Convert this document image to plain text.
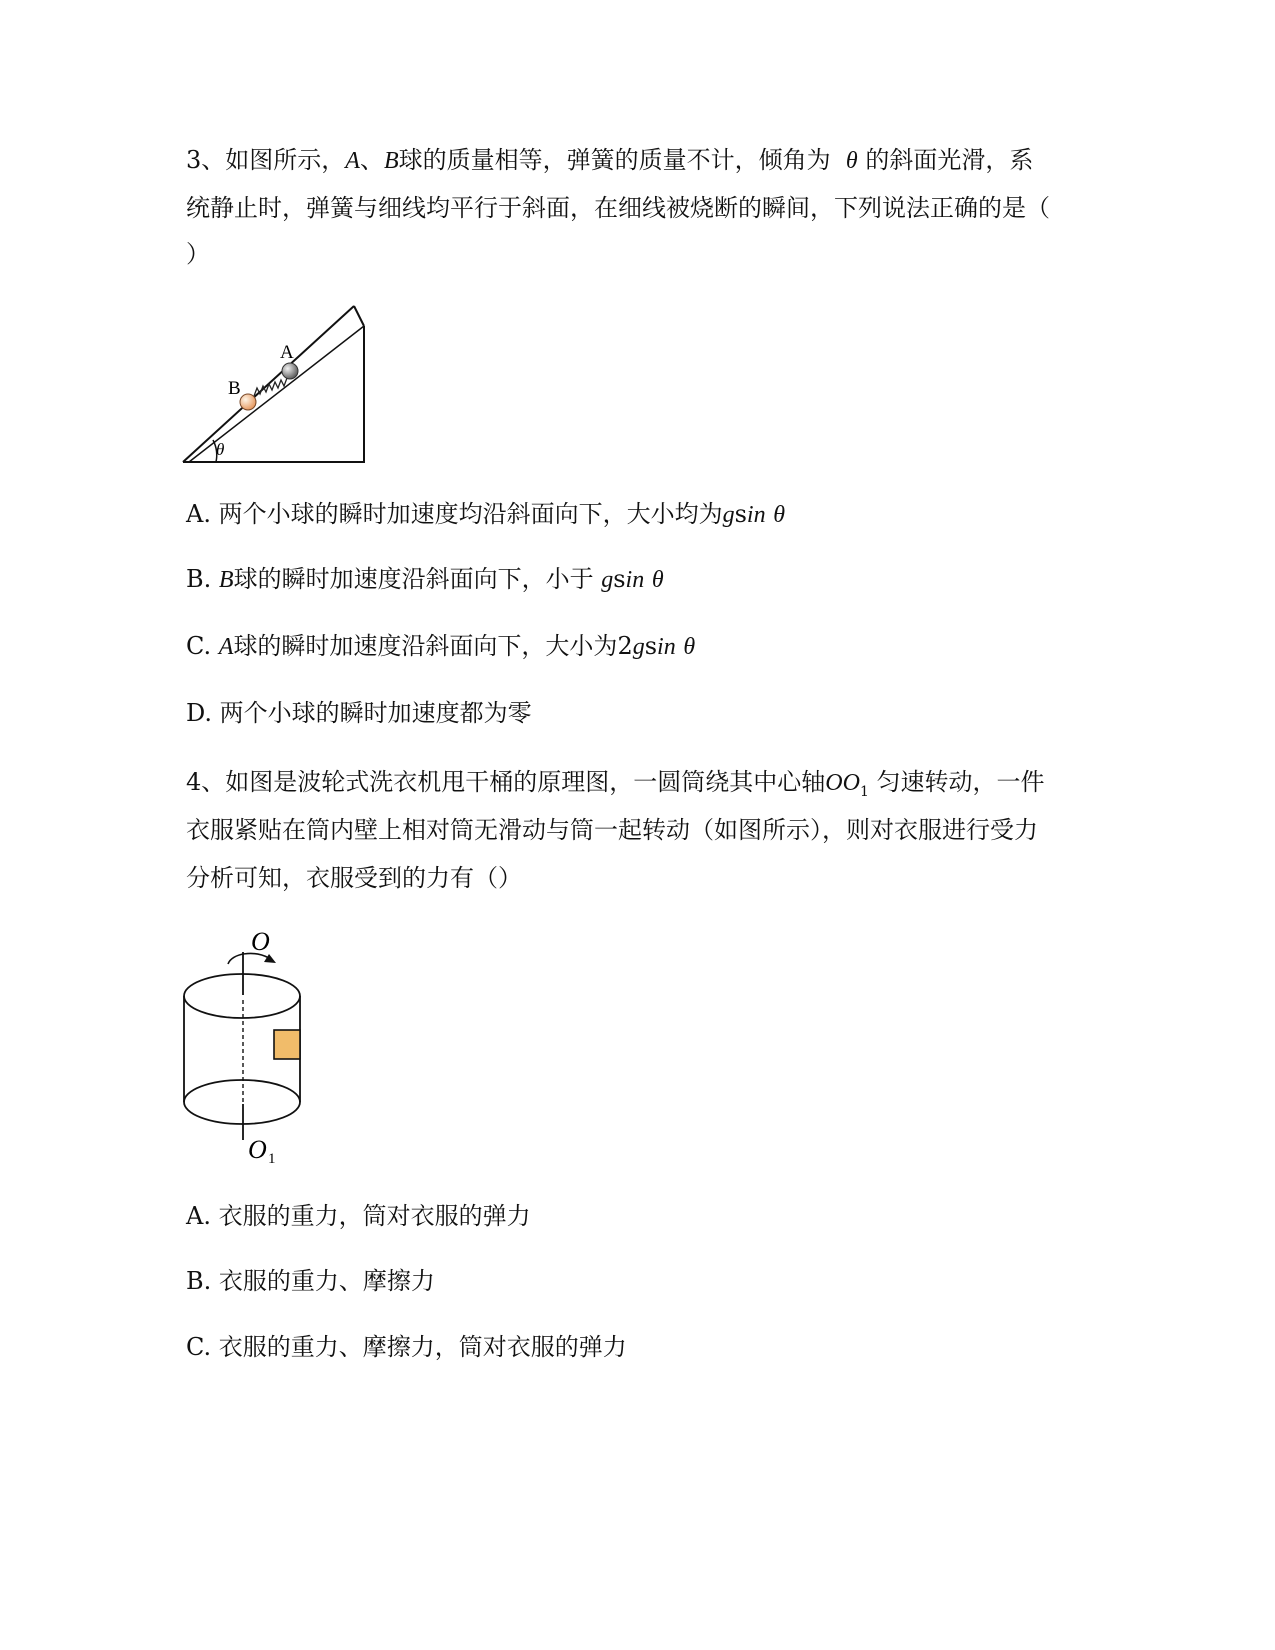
3、如图所示，A、B球的质量相等，弹簧的质量不计，倾角为 θ 的斜面光滑，系
统静止时，弹簧与细线均平行于斜面，在细线被烧断的瞬间，下列说法正确的是（
）
θ
B
A
A. 两个小球的瞬时加速度均沿斜面向下，大小均为gsin θ
B. B球的瞬时加速度沿斜面向下，小于 gsin θ
C. A球的瞬时加速度沿斜面向下，大小为2gsin θ
D. 两个小球的瞬时加速度都为零
4、如图是波轮式洗衣机甩干桶的原理图，一圆筒绕其中心轴$OO_1$ 匀速转动，一件
衣服紧贴在筒内壁上相对筒无滑动与筒一起转动（如图所示），则对衣服进行受力
分析可知，衣服受到的力有（）
O
O 1
A. 衣服的重力，筒对衣服的弹力
B. 衣服的重力、摩擦力
C. 衣服的重力、摩擦力，筒对衣服的弹力
